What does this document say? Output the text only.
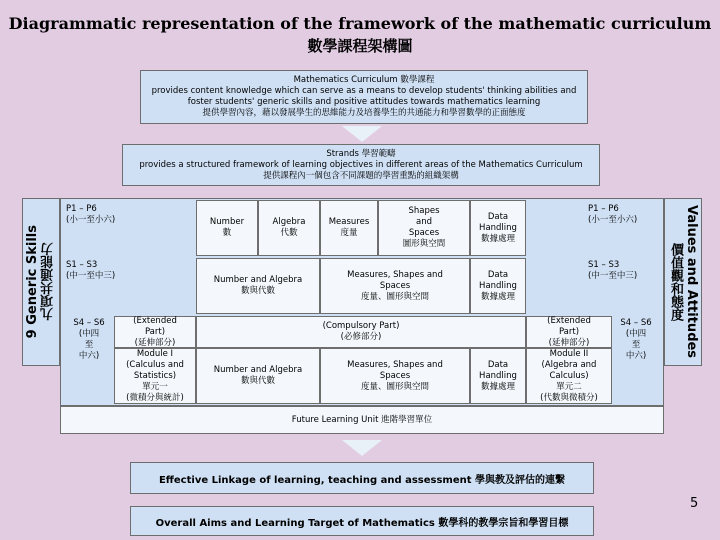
Diagrammatic representation of the framework of the mathematic curriculum
數學課程架構圖
Mathematics Curriculum 數學課程
provides content knowledge which can serve as a means to develop students' thinking abilities and
foster students' generic skills and positive attitudes towards mathematics learning
提供學習內容，藉以發展學生的思維能力及培養學生的共通能力和學習數學的正面態度
Strands 學習範疇
provides a structured framework of learning objectives in different areas of the Mathematics Curriculum
提供課程內一個包含不同課題的學習重點的組織架構
9 Generic Skills
九項共通能力
Values and Attitudes
價值觀和態度
P1 – P6
(小一至小六)
S1 – S3
(中一至中三)
S4 – S6
(中四
至
中六)
P1 – P6
(小一至小六)
S1 – S3
(中一至中三)
S4 – S6
(中四
至
中六)
Number
數
Algebra
代數
Measures
度量
Shapes
and
Spaces
圖形與空間
Data
Handling
數據處理
Number and Algebra
數與代數
Measures, Shapes and
Spaces
度量、圖形與空間
Data
Handling
數據處理
(Extended
Part)
(延伸部分)
(Compulsory Part)
(必修部分)
(Extended
Part)
(延伸部分)
Module I
(Calculus and
Statistics)
單元一
(微積分與統計)
Number and Algebra
數與代數
Measures, Shapes and
Spaces
度量、圖形與空間
Data
Handling
數據處理
Module II
(Algebra and
Calculus)
單元二
(代數與微積分)
Future Learning Unit 進階學習單位
Effective Linkage of learning, teaching and assessment 學與教及評估的連繫
Overall Aims and Learning Target of Mathematics 數學科的教學宗旨和學習目標
5
